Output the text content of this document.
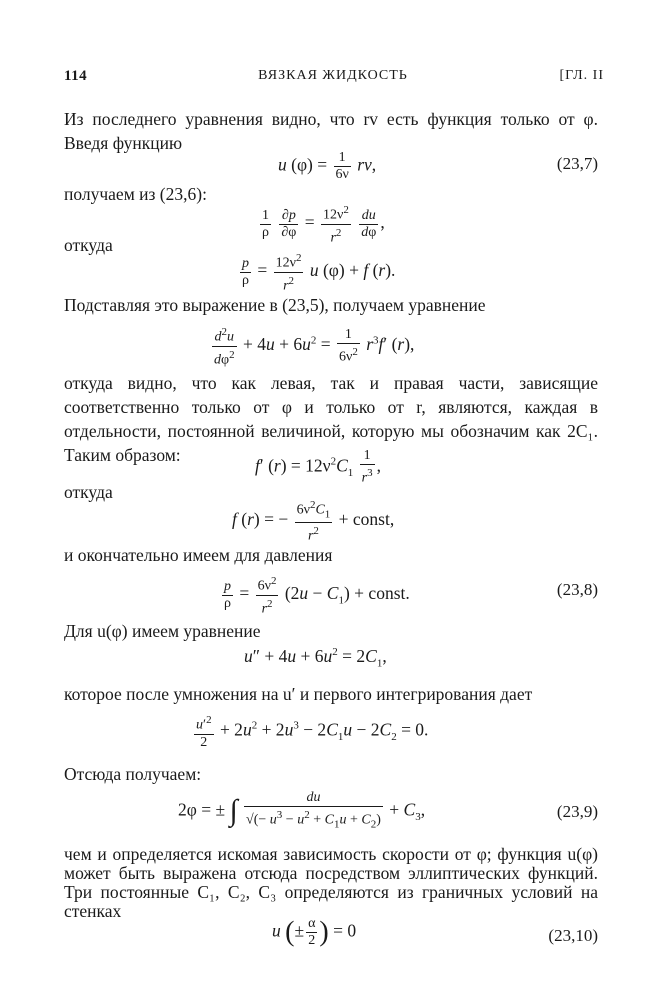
114	ВЯЗКАЯ ЖИДКОСТЬ	[ГЛ. II
Из последнего уравнения видно, что rv есть функция только от φ. Введя функцию
u $(\varphi) = \frac{1}{6\nu}$ rv,	(23,7)
получаем из (23,6):
$\frac{1}{\rho}$
$\frac{\partial p}{\partial\varphi} = \frac{12\nu^2}{r^2}$
$\frac{du}{d\varphi}$ ,
откуда
$\frac{p}{\rho} = \frac{12\nu^2}{r^2}$ u (φ) + f (r).
Подставляя это выражение в (23,5), получаем уравнение
$\frac{d^2u}{d\varphi^2} + 4u + 6u^2 = \frac{1}{6\nu^2} r^3f'$ (r),
откуда видно, что как левая, так и правая части, зависящие соответственно только от φ и только от r, являются, каждая в отдельности, постоянной величиной, которую мы обозначим как 2C₁. Таким образом:
f′ $(r) = 12\nu^2C_1 \frac{1}{r^3}$ ,
откуда
f (r) = − $\frac{6\nu^2C_1}{r^2}$ + const,
и окончательно имеем для давления
$\frac{p}{\rho} = \frac{6\nu^2}{r^2} (2u - C_1)$ + const.	(23,8)
Для u(φ) имеем уравнение
$u'' + 4u + 6u^2 = 2C_1$,
которое после умножения на u′ и первого интегрирования дает
$\frac{u'^2}{2} + 2u^2 + 2u^3 - 2C_1u - 2C_2 = 0$.
Отсюда получаем:
2φ = ± ∫ $\frac{du}{√(- u^3 - u^2 + C_1u + C_2)} + C_3$,	(23,9)
чем и определяется искомая зависимость скорости от φ; функция u(φ) может быть выражена отсюда посредством эллиптических функций. Три постоянные C₁, C₂, C₃ определяются из граничных условий на стенках
u (± $\frac{\alpha}{2}$ ) = 0	(23,10)
